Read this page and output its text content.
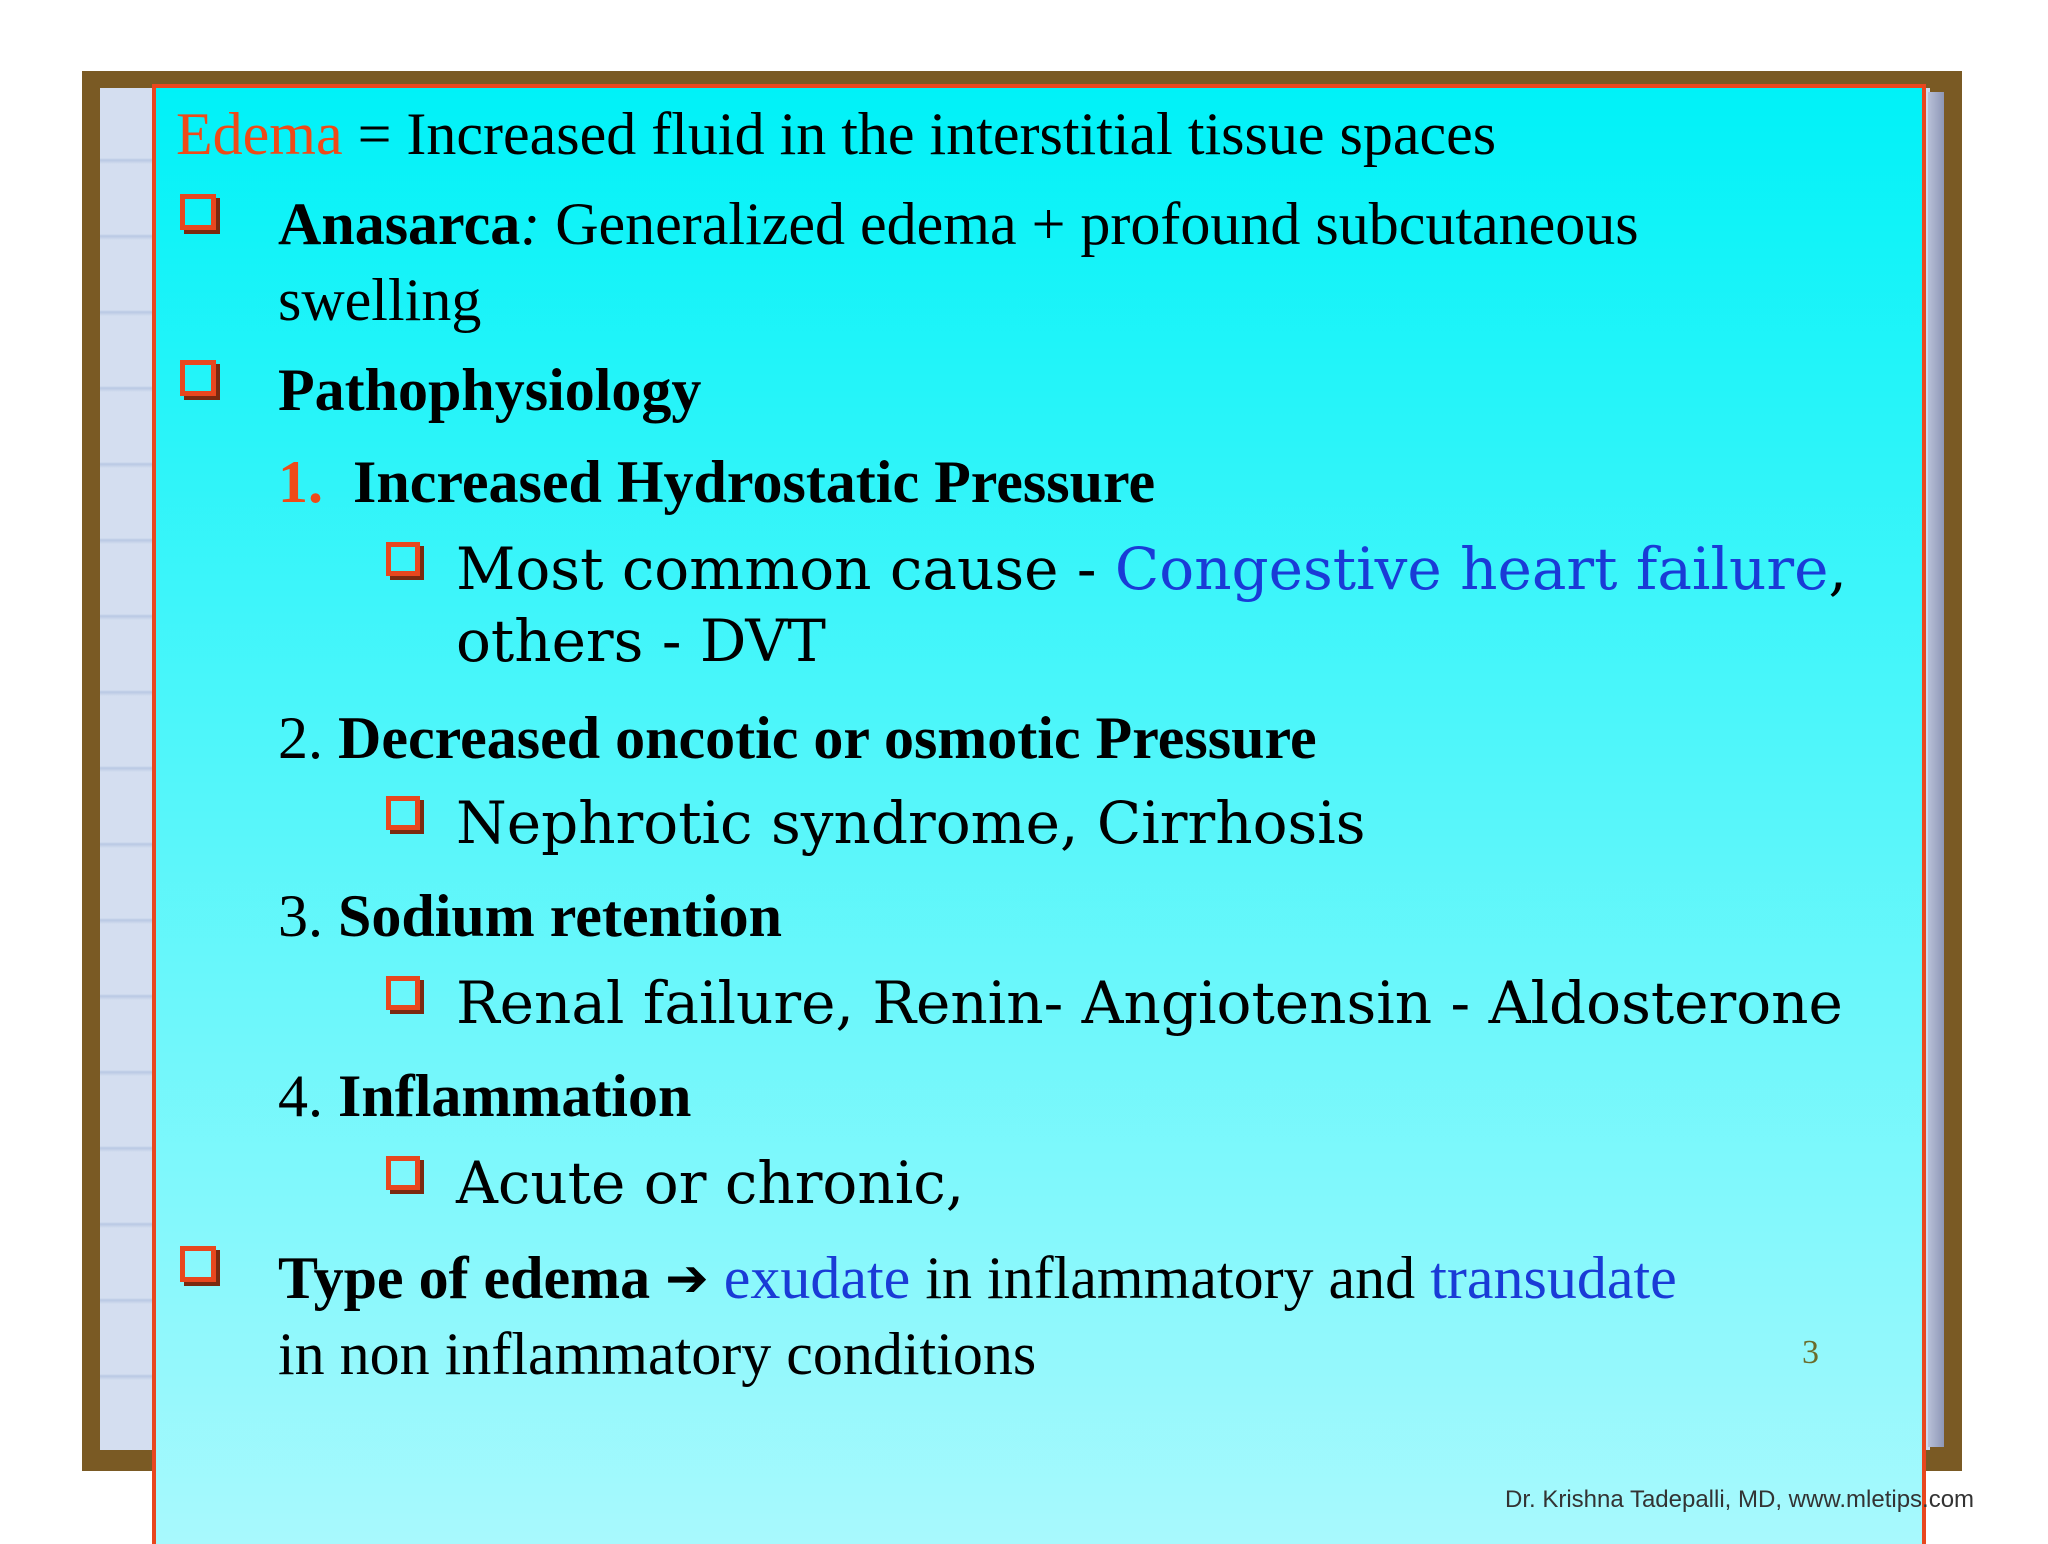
Edema = Increased fluid in the interstitial tissue spaces
Anasarca: Generalized edema + profound subcutaneous
swelling
Pathophysiology
1. Increased Hydrostatic Pressure
Most common cause - Congestive heart failure,
others - DVT
2. Decreased oncotic or osmotic Pressure
Nephrotic syndrome, Cirrhosis
3. Sodium retention
Renal failure, Renin- Angiotensin - Aldosterone
4. Inflammation
Acute or chronic,
Type of edema ➔ exudate in inflammatory and transudate
in non inflammatory conditions	3
Dr. Krishna Tadepalli, MD, www.mletips.com
